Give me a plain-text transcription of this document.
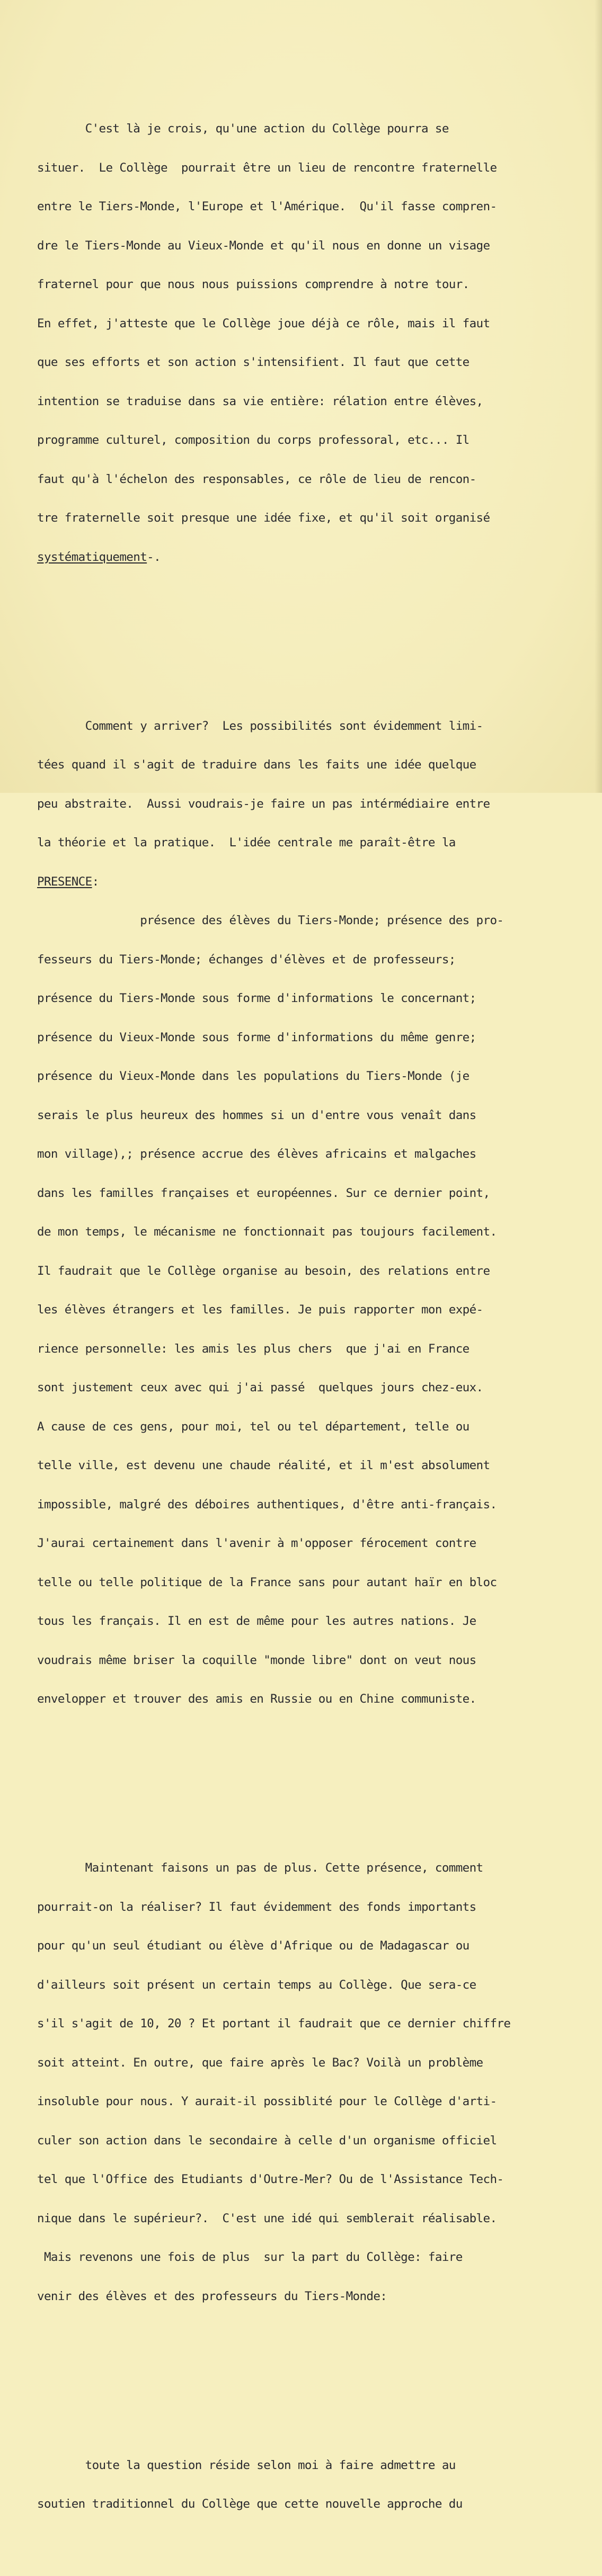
C'est là je crois, qu'une action du Collège pourra se

situer.  Le Collège  pourrait être un lieu de rencontre fraternelle

entre le Tiers-Monde, l'Europe et l'Amérique.  Qu'il fasse compren-

dre le Tiers-Monde au Vieux-Monde et qu'il nous en donne un visage

fraternel pour que nous nous puissions comprendre à notre tour.

En effet, j'atteste que le Collège joue déjà ce rôle, mais il faut

que ses efforts et son action s'intensifient. Il faut que cette

intention se traduise dans sa vie entière: rélation entre élèves,

programme culturel, composition du corps professoral, etc... Il

faut qu'à l'échelon des responsables, ce rôle de lieu de rencon-

tre fraternelle soit presque une idée fixe, et qu'il soit organisé

systématiquement-.

Comment y arriver?  Les possibilités sont évidemment limi-

tées quand il s'agit de traduire dans les faits une idée quelque

peu abstraite.  Aussi voudrais-je faire un pas intérmédiaire entre

la théorie et la pratique.  L'idée centrale me paraît-être la

PRESENCE:

présence des élèves du Tiers-Monde; présence des pro-

fesseurs du Tiers-Monde; échanges d'élèves et de professeurs;

présence du Tiers-Monde sous forme d'informations le concernant;

présence du Vieux-Monde sous forme d'informations du même genre;

présence du Vieux-Monde dans les populations du Tiers-Monde (je

serais le plus heureux des hommes si un d'entre vous venaît dans

mon village),; présence accrue des élèves africains et malgaches

dans les familles françaises et européennes. Sur ce dernier point,

de mon temps, le mécanisme ne fonctionnait pas toujours facilement.

Il faudrait que le Collège organise au besoin, des relations entre

les élèves étrangers et les familles. Je puis rapporter mon expé-

rience personnelle: les amis les plus chers  que j'ai en France

sont justement ceux avec qui j'ai passé  quelques jours chez-eux.

A cause de ces gens, pour moi, tel ou tel département, telle ou

telle ville, est devenu une chaude réalité, et il m'est absolument

impossible, malgré des déboires authentiques, d'être anti-français.

J'aurai certainement dans l'avenir à m'opposer férocement contre

telle ou telle politique de la France sans pour autant haïr en bloc

tous les français. Il en est de même pour les autres nations. Je

voudrais même briser la coquille "monde libre" dont on veut nous

envelopper et trouver des amis en Russie ou en Chine communiste.

Maintenant faisons un pas de plus. Cette présence, comment

pourrait-on la réaliser? Il faut évidemment des fonds importants

pour qu'un seul étudiant ou élève d'Afrique ou de Madagascar ou

d'ailleurs soit présent un certain temps au Collège. Que sera-ce

s'il s'agit de 10, 20 ? Et portant il faudrait que ce dernier chiffre

soit atteint. En outre, que faire après le Bac? Voilà un problème

insoluble pour nous. Y aurait-il possiblité pour le Collège d'arti-

culer son action dans le secondaire à celle d'un organisme officiel

tel que l'Office des Etudiants d'Outre-Mer? Ou de l'Assistance Tech-

nique dans le supérieur?.  C'est une idé qui semblerait réalisable.

Mais revenons une fois de plus  sur la part du Collège: faire

venir des élèves et des professeurs du Tiers-Monde:

toute la question réside selon moi à faire admettre au

soutien traditionnel du Collège que cette nouvelle approche du
